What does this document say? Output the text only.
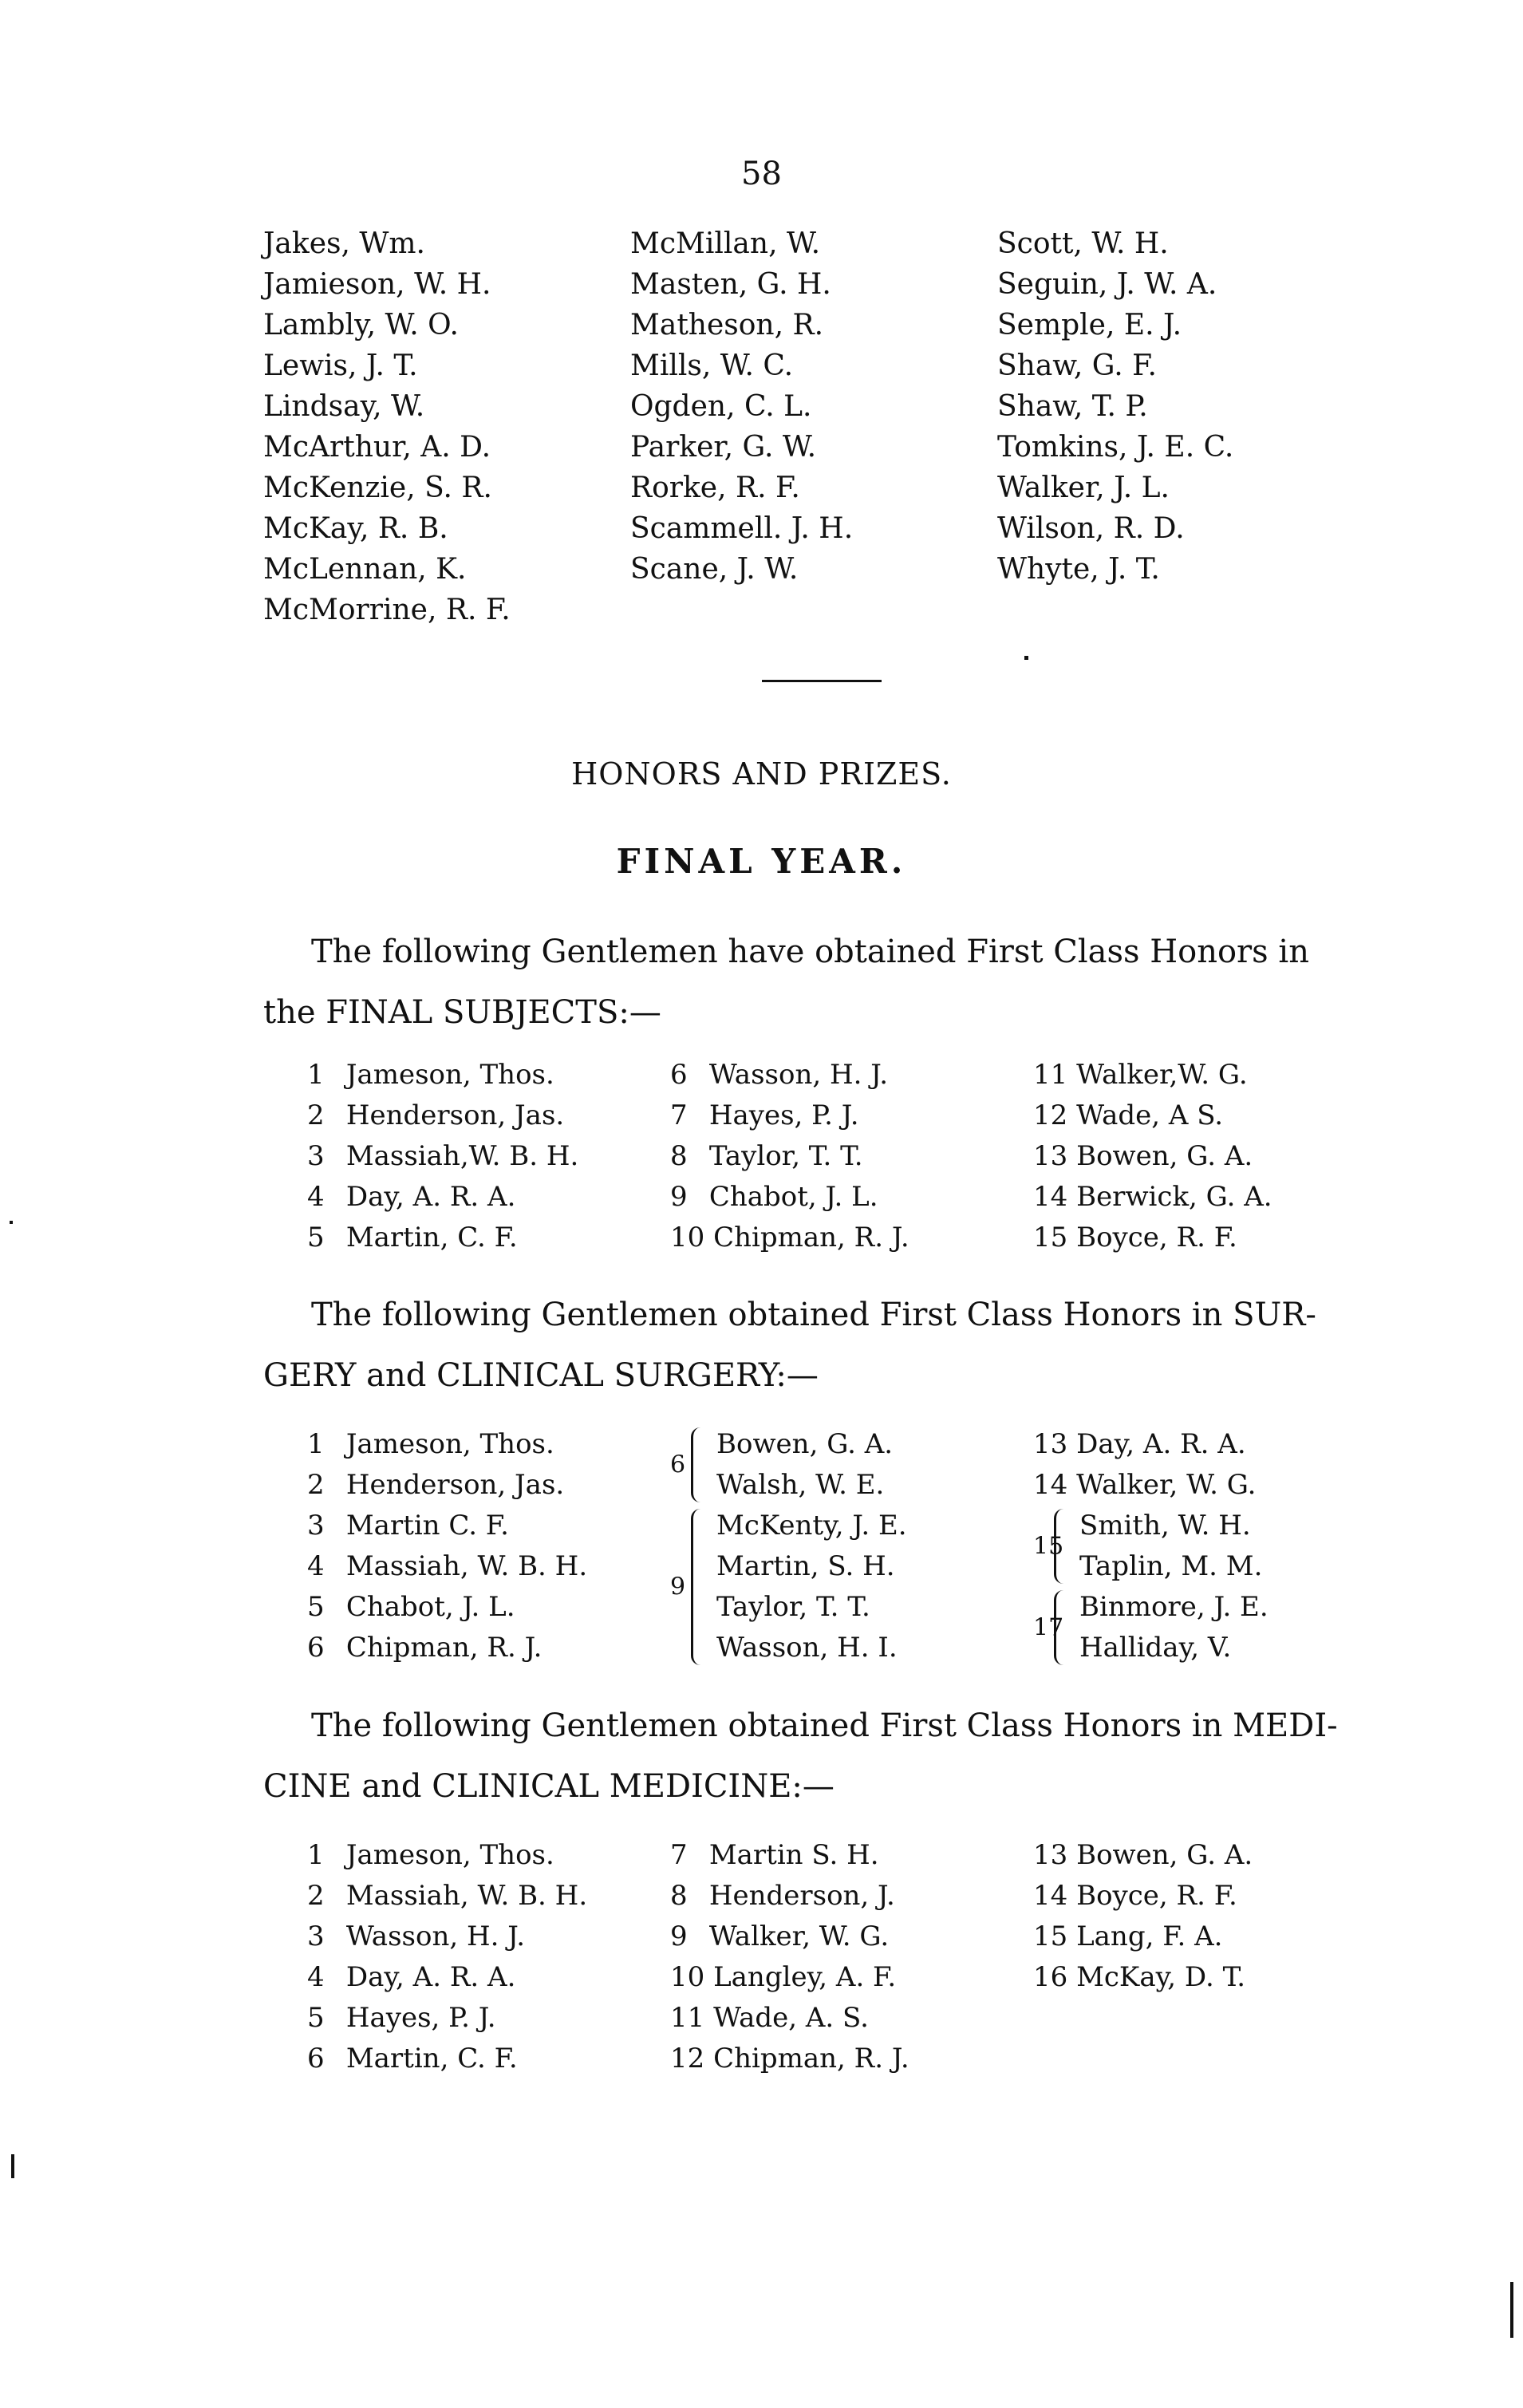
58
Jakes, Wm.
Jamieson, W. H.
Lambly, W. O.
Lewis, J. T.
Lindsay, W.
McArthur, A. D.
McKenzie, S. R.
McKay, R. B.
McLennan, K.
McMorrine, R. F.
McMillan, W.
Masten, G. H.
Matheson, R.
Mills, W. C.
Ogden, C. L.
Parker, G. W.
Rorke, R. F.
Scammell. J. H.
Scane, J. W.
Scott, W. H.
Seguin, J. W. A.
Semple, E. J.
Shaw, G. F.
Shaw, T. P.
Tomkins, J. E. C.
Walker, J. L.
Wilson, R. D.
Whyte, J. T.
HONORS AND PRIZES.
FINAL YEAR.
The following Gentlemen have obtained First Class Honors in
the FINAL SUBJECTS:—
1 Jameson, Thos.
2 Henderson, Jas.
3 Massiah,W. B. H.
4 Day, A. R. A.
5 Martin, C. F.
6 Wasson, H. J.
7 Hayes, P. J.
8 Taylor, T. T.
9 Chabot, J. L.
10 Chipman, R. J.
11 Walker,W. G.
12 Wade, A S.
13 Bowen, G. A.
14 Berwick, G. A.
15 Boyce, R. F.
The following Gentlemen obtained First Class Honors in SUR-
GERY and CLINICAL SURGERY:—
1 Jameson, Thos.
2 Henderson, Jas.
3 Martin C. F.
4 Massiah, W. B. H.
5 Chabot, J. L.
6 Chipman, R. J.
6
Bowen, G. A.
Walsh, W. E.
9
McKenty, J. E.
Martin, S. H.
Taylor, T. T.
Wasson, H. I.
13 Day, A. R. A.
14 Walker, W. G.
15
Smith, W. H.
Taplin, M. M.
17
Binmore, J. E.
Halliday, V.
The following Gentlemen obtained First Class Honors in MEDI-
CINE and CLINICAL MEDICINE:—
1 Jameson, Thos.
2 Massiah, W. B. H.
3 Wasson, H. J.
4 Day, A. R. A.
5 Hayes, P. J.
6 Martin, C. F.
7 Martin S. H.
8 Henderson, J.
9 Walker, W. G.
10 Langley, A. F.
11 Wade, A. S.
12 Chipman, R. J.
13 Bowen, G. A.
14 Boyce, R. F.
15 Lang, F. A.
16 McKay, D. T.
